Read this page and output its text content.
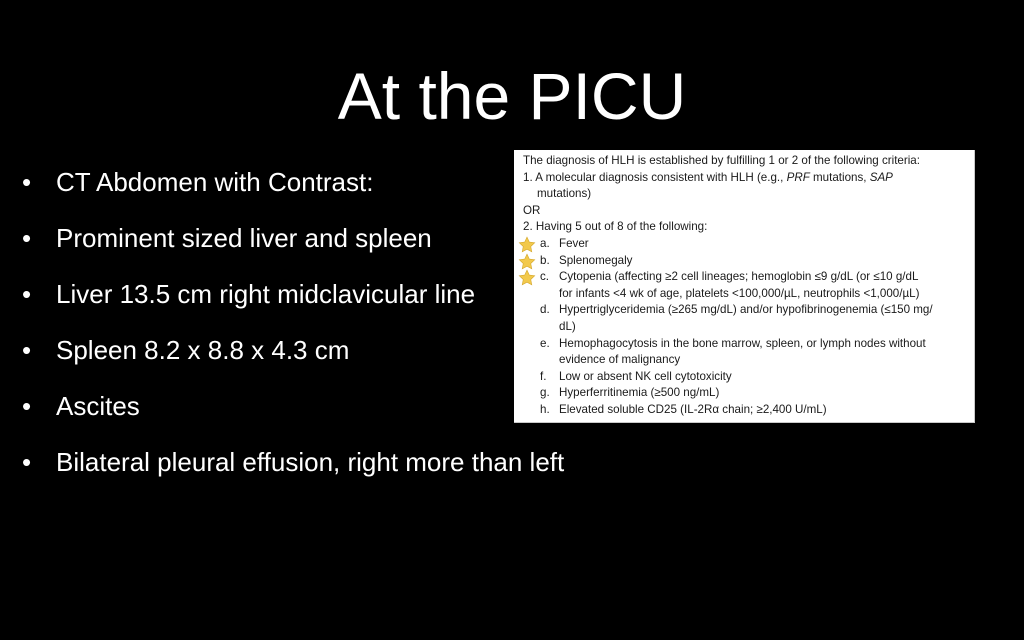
At the PICU
• CT Abdomen with Contrast:
• Prominent sized liver and spleen
• Liver 13.5 cm right midclavicular line
• Spleen 8.2 x 8.8 x 4.3 cm
• Ascites
• Bilateral pleural effusion, right more than left
The diagnosis of HLH is established by fulfilling 1 or 2 of the following criteria:
1. A molecular diagnosis consistent with HLH (e.g., PRF mutations, SAP
mutations)
OR
2. Having 5 out of 8 of the following:
a. Fever
b. Splenomegaly
c. Cytopenia (affecting ≥2 cell lineages; hemoglobin ≤9 g/dL (or ≤10 g/dL
for infants <4 wk of age, platelets <100,000/µL, neutrophils <1,000/µL)
d. Hypertriglyceridemia (≥265 mg/dL) and/or hypofibrinogenemia (≤150 mg/
dL)
e. Hemophagocytosis in the bone marrow, spleen, or lymph nodes without
evidence of malignancy
f. Low or absent NK cell cytotoxicity
g. Hyperferritinemia (≥500 ng/mL)
h. Elevated soluble CD25 (IL-2Rα chain; ≥2,400 U/mL)
